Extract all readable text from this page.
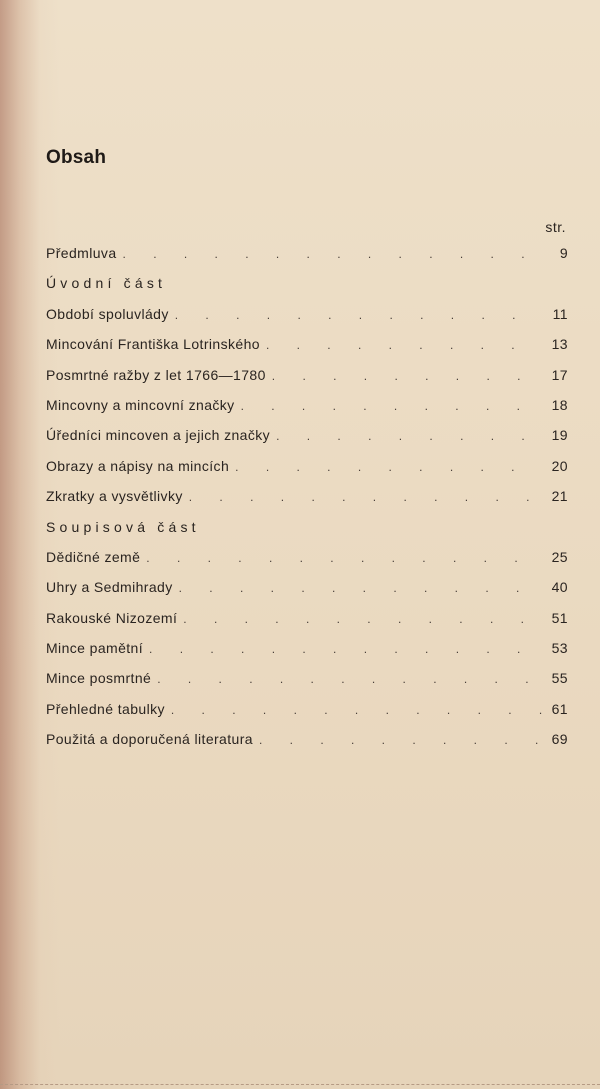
Obsah
str.
Předmluva . . .	9
Úvodní část
Období spoluvlády . . .	11
Mincování Františka Lotrinského . . .	13
Posmrtné ražby z let 1766—1780 . . .	17
Mincovny a mincovní značky . . .	18
Úředníci mincoven a jejich značky . . .	19
Obrazy a nápisy na mincích . . .	20
Zkratky a vysvětlivky . . .	21
Soupisová část
Dědičné země . . .	25
Uhry a Sedmihrady . . .	40
Rakouské Nizozemí . . .	51
Mince pamětní . . .	53
Mince posmrtné . . .	55
Přehledné tabulky . . .	61
Použitá a doporučená literatura . . .	69
